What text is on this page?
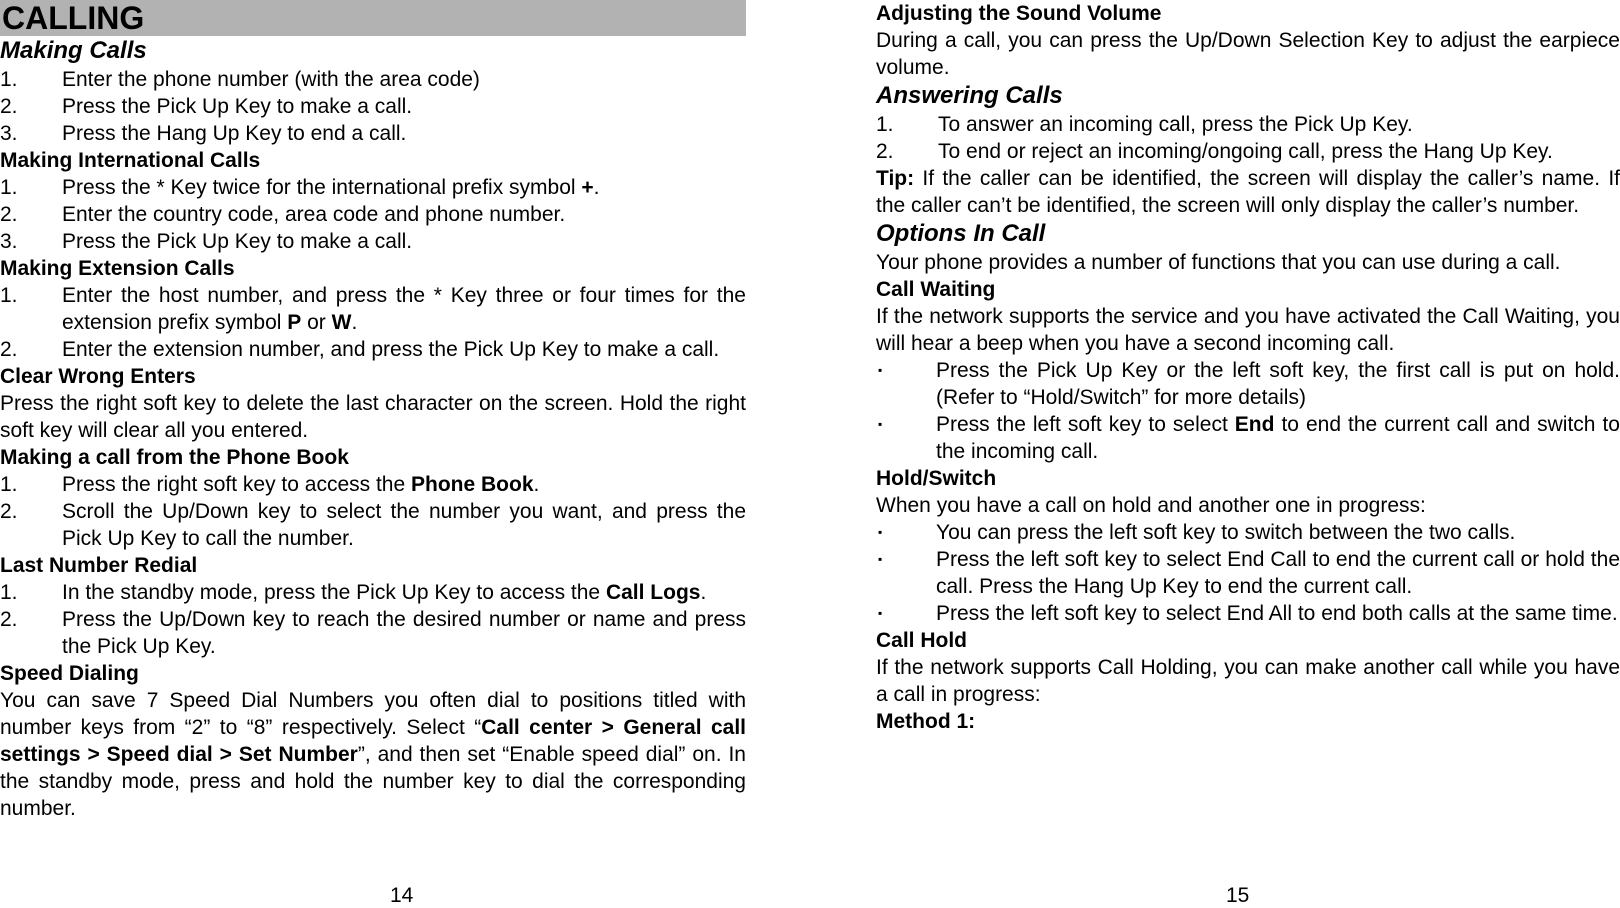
CALLING
Making Calls
1.	Enter the phone number (with the area code)
2.	Press the Pick Up Key to make a call.
3.	Press the Hang Up Key to end a call.
Making International Calls
1.	Press the * Key twice for the international prefix symbol +.
2.	Enter the country code, area code and phone number.
3.	Press the Pick Up Key to make a call.
Making Extension Calls
1.	Enter the host number, and press the * Key three or four times for the extension prefix symbol P or W.
2.	Enter the extension number, and press the Pick Up Key to make a call.
Clear Wrong Enters
Press the right soft key to delete the last character on the screen. Hold the right soft key will clear all you entered.
Making a call from the Phone Book
1.	Press the right soft key to access the Phone Book.
2.	Scroll the Up/Down key to select the number you want, and press the Pick Up Key to call the number.
Last Number Redial
1.	In the standby mode, press the Pick Up Key to access the Call Logs.
2.	Press the Up/Down key to reach the desired number or name and press the Pick Up Key.
Speed Dialing
You can save 7 Speed Dial Numbers you often dial to positions titled with number keys from “2” to “8” respectively. Select “Call center > General call settings > Speed dial > Set Number”, and then set “Enable speed dial” on. In the standby mode, press and hold the number key to dial the corresponding number.
14
Adjusting the Sound Volume
During a call, you can press the Up/Down Selection Key to adjust the earpiece volume.
Answering Calls
1.	To answer an incoming call, press the Pick Up Key.
2.	To end or reject an incoming/ongoing call, press the Hang Up Key.
Tip: If the caller can be identified, the screen will display the caller’s name. If the caller can’t be identified, the screen will only display the caller’s number.
Options In Call
Your phone provides a number of functions that you can use during a call.
Call Waiting
If the network supports the service and you have activated the Call Waiting, you will hear a beep when you have a second incoming call.
▪	Press the Pick Up Key or the left soft key, the first call is put on hold. (Refer to “Hold/Switch” for more details)
▪	Press the left soft key to select End to end the current call and switch to the incoming call.
Hold/Switch
When you have a call on hold and another one in progress:
▪	You can press the left soft key to switch between the two calls.
▪	Press the left soft key to select End Call to end the current call or hold the call. Press the Hang Up Key to end the current call.
▪	Press the left soft key to select End All to end both calls at the same time.
Call Hold
If the network supports Call Holding, you can make another call while you have a call in progress:
Method 1:
15
